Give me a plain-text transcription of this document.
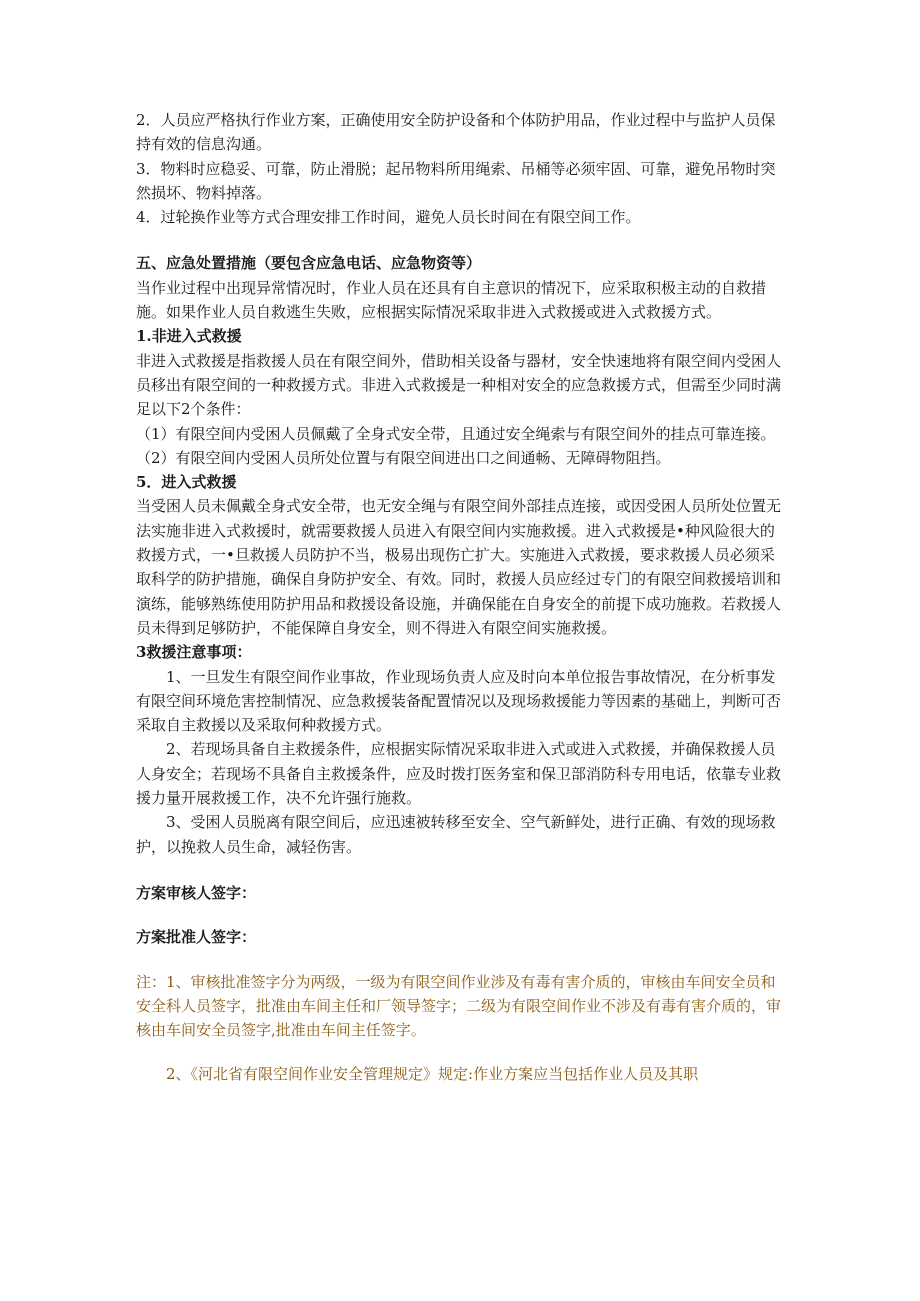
2．人员应严格执行作业方案，正确使用安全防护设备和个体防护用品，作业过程中与监护人员保持有效的信息沟通。

3．物料时应稳妥、可靠，防止滑脱；起吊物料所用绳索、吊桶等必须牢固、可靠，避免吊物时突然损坏、物料掉落。

4．过轮换作业等方式合理安排工作时间，避免人员长时间在有限空间工作。

五、应急处置措施（要包含应急电话、应急物资等）

当作业过程中出现异常情况时，作业人员在还具有自主意识的情况下，应采取积极主动的自救措施。如果作业人员自救逃生失败，应根据实际情况采取非进入式救援或进入式救援方式。

1.非进入式救援

非进入式救援是指救援人员在有限空间外，借助相关设备与器材，安全快速地将有限空间内受困人员移出有限空间的一种救援方式。非进入式救援是一种相对安全的应急救援方式，但需至少同时满足以下2个条件：

（1）有限空间内受困人员佩戴了全身式安全带，且通过安全绳索与有限空间外的挂点可靠连接。

（2）有限空间内受困人员所处位置与有限空间进出口之间通畅、无障碍物阻挡。

5．进入式救援

当受困人员未佩戴全身式安全带，也无安全绳与有限空间外部挂点连接，或因受困人员所处位置无法实施非进入式救援时，就需要救援人员进入有限空间内实施救援。进入式救援是•种风险很大的救援方式，一•旦救援人员防护不当，极易出现伤亡扩大。实施进入式救援，要求救援人员必须采取科学的防护措施，确保自身防护安全、有效。同时，救援人员应经过专门的有限空间救援培训和演练，能够熟练使用防护用品和救援设备设施，并确保能在自身安全的前提下成功施救。若救援人员未得到足够防护，不能保障自身安全，则不得进入有限空间实施救援。

3救援注意事项：

1、一旦发生有限空间作业事故，作业现场负责人应及时向本单位报告事故情况，在分析事发有限空间环境危害控制情况、应急救援装备配置情况以及现场救援能力等因素的基础上，判断可否采取自主救援以及采取何种救援方式。

2、若现场具备自主救援条件，应根据实际情况采取非进入式或进入式救援，并确保救援人员人身安全；若现场不具备自主救援条件，应及时拨打医务室和保卫部消防科专用电话，依靠专业救援力量开展救援工作，决不允许强行施救。

3、受困人员脱离有限空间后，应迅速被转移至安全、空气新鲜处，进行正确、有效的现场救护，以挽救人员生命，减轻伤害。

方案审核人签字：

方案批准人签字：

注：1、审核批准签字分为两级，一级为有限空间作业涉及有毒有害介质的，审核由车间安全员和安全科人员签字，批准由车间主任和厂领导签字；二级为有限空间作业不涉及有毒有害介质的，审核由车间安全员签字,批准由车间主任签字。

2、《河北省有限空间作业安全管理规定》规定:作业方案应当包括作业人员及其职
